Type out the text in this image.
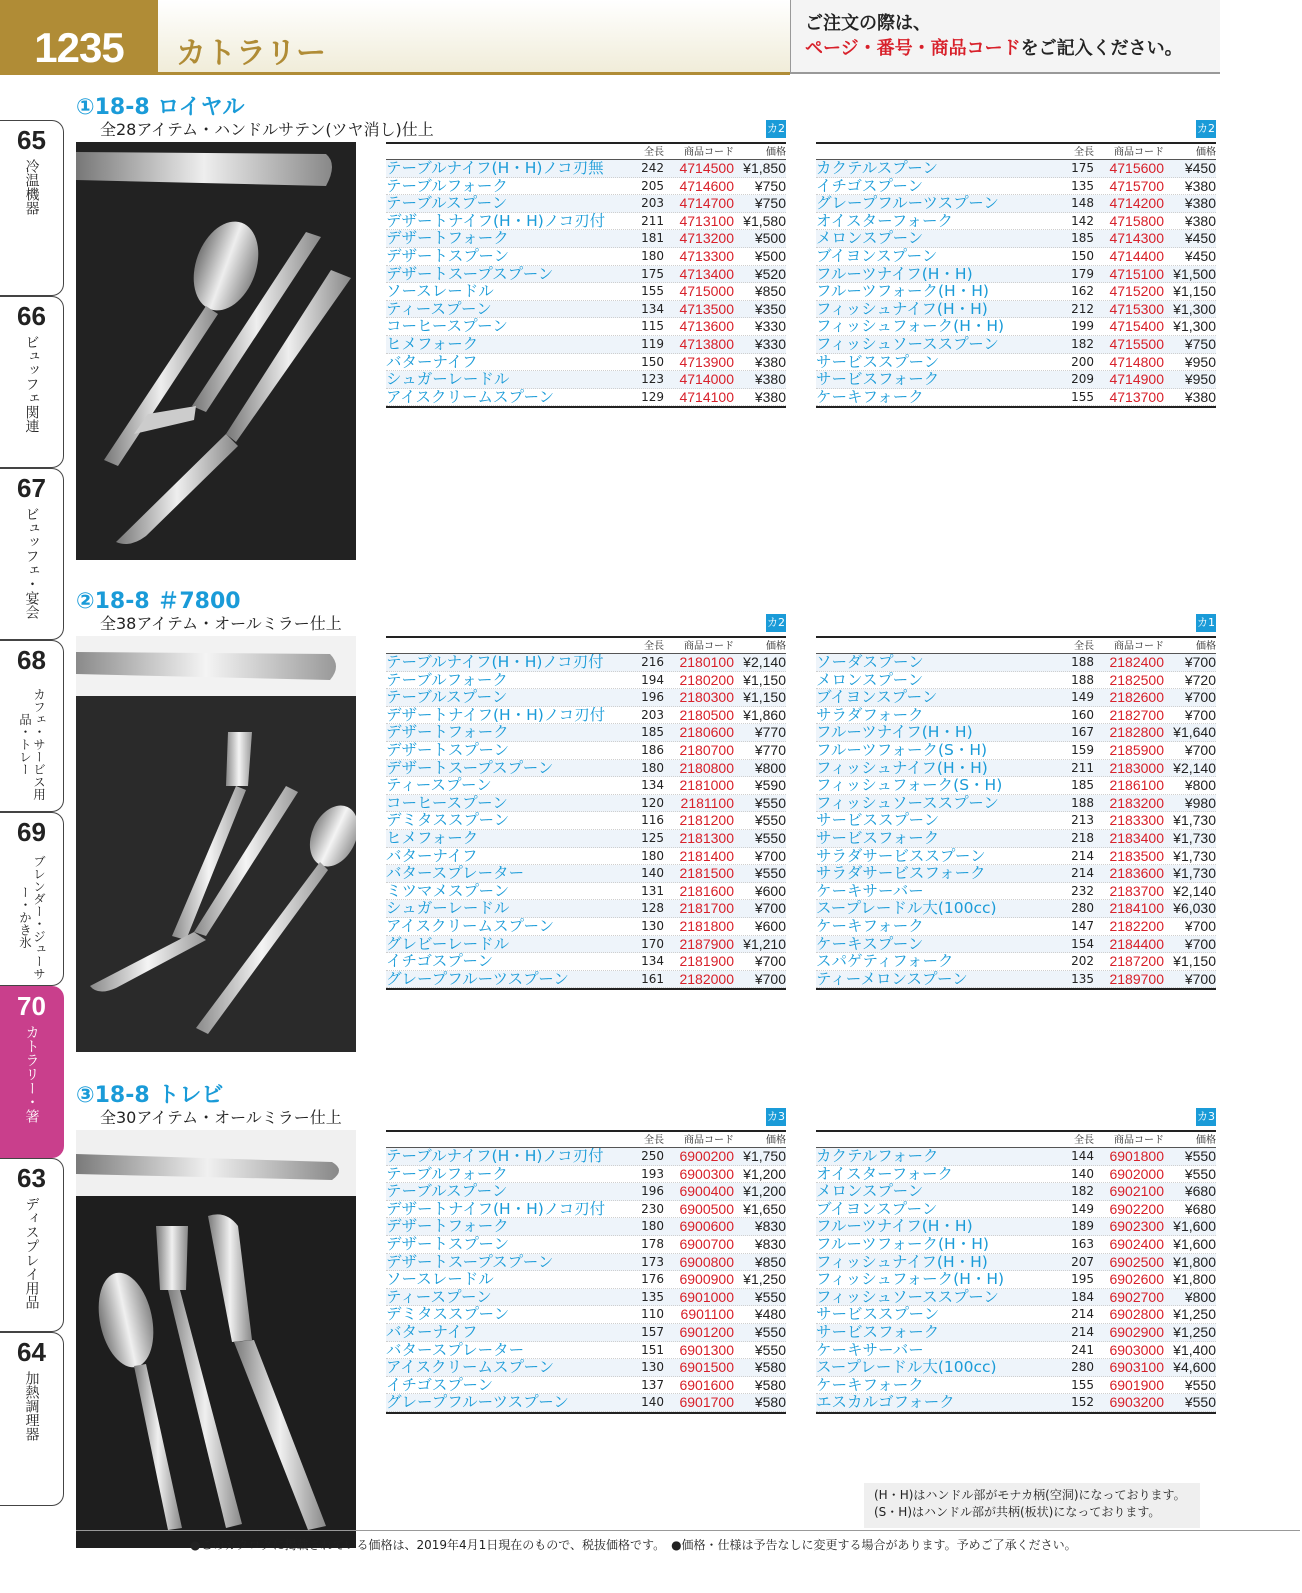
1235	カトラリー
ご注文の際は、
ページ・番号・商品コードをご記入ください。
65
冷温機器
66
ビュッフェ関連
67
ビュッフェ・宴会
68
カフェ・サービス用品・トレー
69
ブレンダー・ジューサー・かき氷
70
カトラリー・箸
63
ディスプレイ用品
64
加熱調理器
①18-8 ロイヤル
全28アイテム・ハンドルサテン(ツヤ消し)仕上	カ2
全長	商品コード	価格
テーブルナイフ(H・H)ノコ刃無	242	4714500 ¥1,850
テーブルフォーク	205	4714600	¥750
テーブルスプーン	203	4714700	¥750
デザートナイフ(H・H)ノコ刃付	211	4713100 ¥1,580
デザートフォーク	181	4713200	¥500
デザートスプーン	180	4713300	¥500
デザートスープスプーン	175	4713400	¥520
ソースレードル	155	4715000	¥850
ティースプーン	134	4713500	¥350
コーヒースプーン	115	4713600	¥330
ヒメフォーク	119	4713800	¥330
バターナイフ	150	4713900	¥380
シュガーレードル	123	4714000	¥380
アイスクリームスプーン	129	4714100	¥380
カ2
全長	商品コード	価格
カクテルスプーン	175	4715600	¥450
イチゴスプーン	135	4715700	¥380
グレープフルーツスプーン	148	4714200	¥380
オイスターフォーク	142	4715800	¥380
メロンスプーン	185	4714300	¥450
ブイヨンスプーン	150	4714400	¥450
フルーツナイフ(H・H)	179	4715100 ¥1,500
フルーツフォーク(H・H)	162	4715200 ¥1,150
フィッシュナイフ(H・H)	212	4715300 ¥1,300
フィッシュフォーク(H・H)	199	4715400 ¥1,300
フィッシュソーススプーン	182	4715500	¥750
サービススプーン	200	4714800	¥950
サービスフォーク	209	4714900	¥950
ケーキフォーク	155	4713700	¥380
②18-8 ＃7800
全38アイテム・オールミラー仕上	カ2
全長	商品コード	価格
テーブルナイフ(H・H)ノコ刃付	216	2180100 ¥2,140
テーブルフォーク	194	2180200 ¥1,150
テーブルスプーン	196	2180300 ¥1,150
デザートナイフ(H・H)ノコ刃付	203	2180500 ¥1,860
デザートフォーク	185	2180600	¥770
デザートスプーン	186	2180700	¥770
デザートスープスプーン	180	2180800	¥800
ティースプーン	134	2181000	¥590
コーヒースプーン	120	2181100	¥550
デミタススプーン	116	2181200	¥550
ヒメフォーク	125	2181300	¥550
バターナイフ	180	2181400	¥700
バタースプレーター	140	2181500	¥550
ミツマメスプーン	131	2181600	¥600
シュガーレードル	128	2181700	¥700
アイスクリームスプーン	130	2181800	¥600
グレビーレードル	170	2187900 ¥1,210
イチゴスプーン	134	2181900	¥700
グレープフルーツスプーン	161	2182000	¥700
カ1
全長	商品コード	価格
ソーダスプーン	188	2182400	¥700
メロンスプーン	188	2182500	¥720
ブイヨンスプーン	149	2182600	¥700
サラダフォーク	160	2182700	¥700
フルーツナイフ(H・H)	167	2182800 ¥1,640
フルーツフォーク(S・H)	159	2185900	¥700
フィッシュナイフ(H・H)	211	2183000 ¥2,140
フィッシュフォーク(S・H)	185	2186100	¥800
フィッシュソーススプーン	188	2183200	¥980
サービススプーン	213	2183300 ¥1,730
サービスフォーク	218	2183400 ¥1,730
サラダサービススプーン	214	2183500 ¥1,730
サラダサービスフォーク	214	2183600 ¥1,730
ケーキサーバー	232	2183700 ¥2,140
スープレードル大(100cc)	280	2184100 ¥6,030
ケーキフォーク	147	2182200	¥700
ケーキスプーン	154	2184400	¥700
スパゲティフォーク	202	2187200 ¥1,150
ティーメロンスプーン	135	2189700	¥700
③18-8 トレビ
全30アイテム・オールミラー仕上	カ3
全長	商品コード	価格
テーブルナイフ(H・H)ノコ刃付	250	6900200 ¥1,750
テーブルフォーク	193	6900300 ¥1,200
テーブルスプーン	196	6900400 ¥1,200
デザートナイフ(H・H)ノコ刃付	230	6900500 ¥1,650
デザートフォーク	180	6900600	¥830
デザートスプーン	178	6900700	¥830
デザートスープスプーン	173	6900800	¥850
ソースレードル	176	6900900 ¥1,250
ティースプーン	135	6901000	¥550
デミタススプーン	110	6901100	¥480
バターナイフ	157	6901200	¥550
バタースプレーター	151	6901300	¥550
アイスクリームスプーン	130	6901500	¥580
イチゴスプーン	137	6901600	¥580
グレープフルーツスプーン	140	6901700	¥580
カ3
全長	商品コード	価格
カクテルフォーク	144	6901800	¥550
オイスターフォーク	140	6902000	¥550
メロンスプーン	182	6902100	¥680
ブイヨンスプーン	149	6902200	¥680
フルーツナイフ(H・H)	189	6902300 ¥1,600
フルーツフォーク(H・H)	163	6902400 ¥1,600
フィッシュナイフ(H・H)	207	6902500 ¥1,800
フィッシュフォーク(H・H)	195	6902600 ¥1,800
フィッシュソーススプーン	184	6902700	¥800
サービススプーン	214	6902800 ¥1,250
サービスフォーク	214	6902900 ¥1,250
ケーキサーバー	241	6903000 ¥1,400
スープレードル大(100cc)	280	6903100 ¥4,600
ケーキフォーク	155	6901900	¥550
エスカルゴフォーク	152	6903200	¥550
(H・H)はハンドル部がモナカ柄(空洞)になっております。
(S・H)はハンドル部が共柄(板状)になっております。
●このカタログに掲載されている価格は、2019年4月1日現在のもので、税抜価格です。　●価格・仕様は予告なしに変更する場合があります。予めご了承ください。
